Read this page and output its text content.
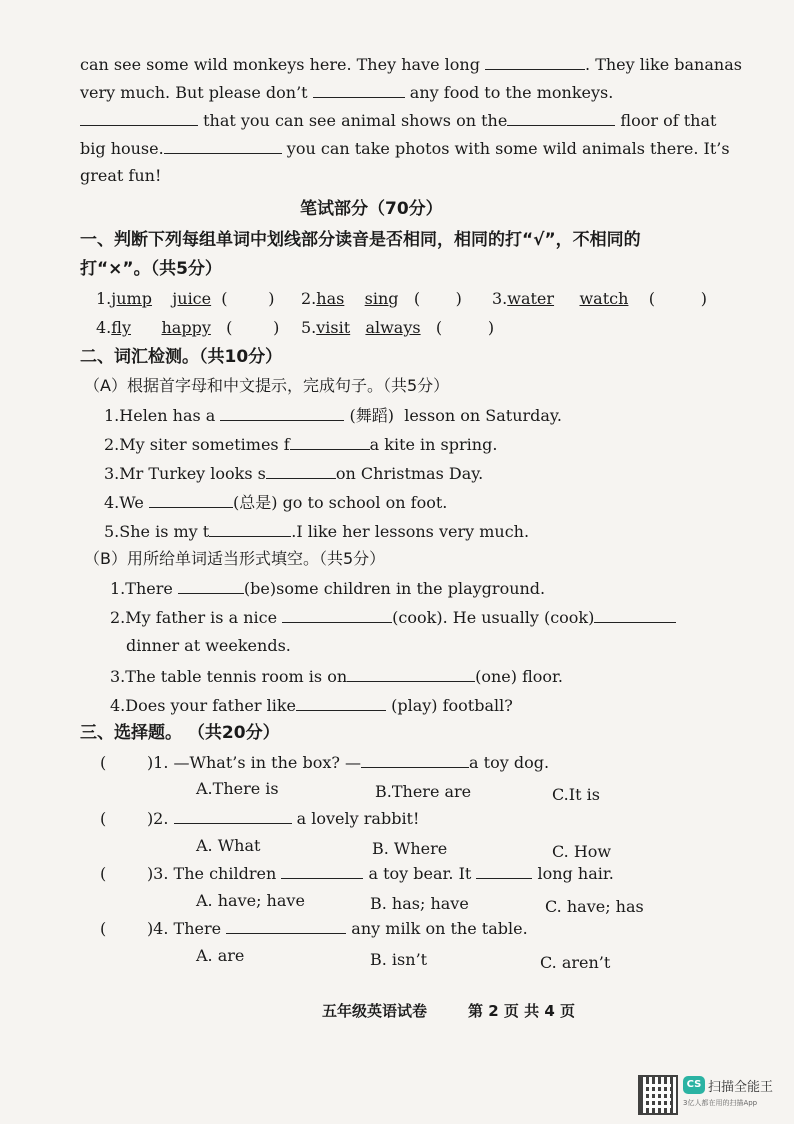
can see some wild monkeys here. They have long	. They like bananas
very much. But please don’t	any food to the monkeys.
that you can see animal shows on the	floor of that
big house.	you can take photos with some wild animals there. It’s
great fun!
笔试部分（70分）
一、判断下列每组单词中划线部分读音是否相同，相同的打“√”，不相同的
打“×”。（共5分）
1.jump juice  (        ) 2.has sing   (       ) 3.water watch    (         )
4.fly happy   (        ) 5.visit always   (         )
二、词汇检测。（共10分）
（A）根据首字母和中文提示，完成句子。（共5分）
1.Helen has a	(舞蹈) lesson on Saturday.
2.My siter sometimes f	a kite in spring.
3.Mr Turkey looks s	on Christmas Day.
4.We	(总是) go to school on foot.
5.She is my t	.I like her lessons very much.
（B）用所给单词适当形式填空。（共5分）
1.There	(be)some children in the playground.
2.My father is a nice	(cook). He usually (cook)
dinner at weekends.
3.The table tennis room is on	(one) floor.
4.Does your father like	(play) football?
三、选择题。 （共20分）
(        )1. —What’s in the box? —	a toy dog.
A.There is	B.There are	C.It is
(        )2.	a lovely rabbit!
A. What	B. Where	C. How
(        )3. The children	a toy bear. It	long hair.
A. have; have	B. has; have	C. have; has
(        )4. There	any milk on the table.
A. are	B. isn’t	C. aren’t
五年级英语试卷	第 2 页 共 4 页
CS 扫描全能王
3亿人都在用的扫描App
